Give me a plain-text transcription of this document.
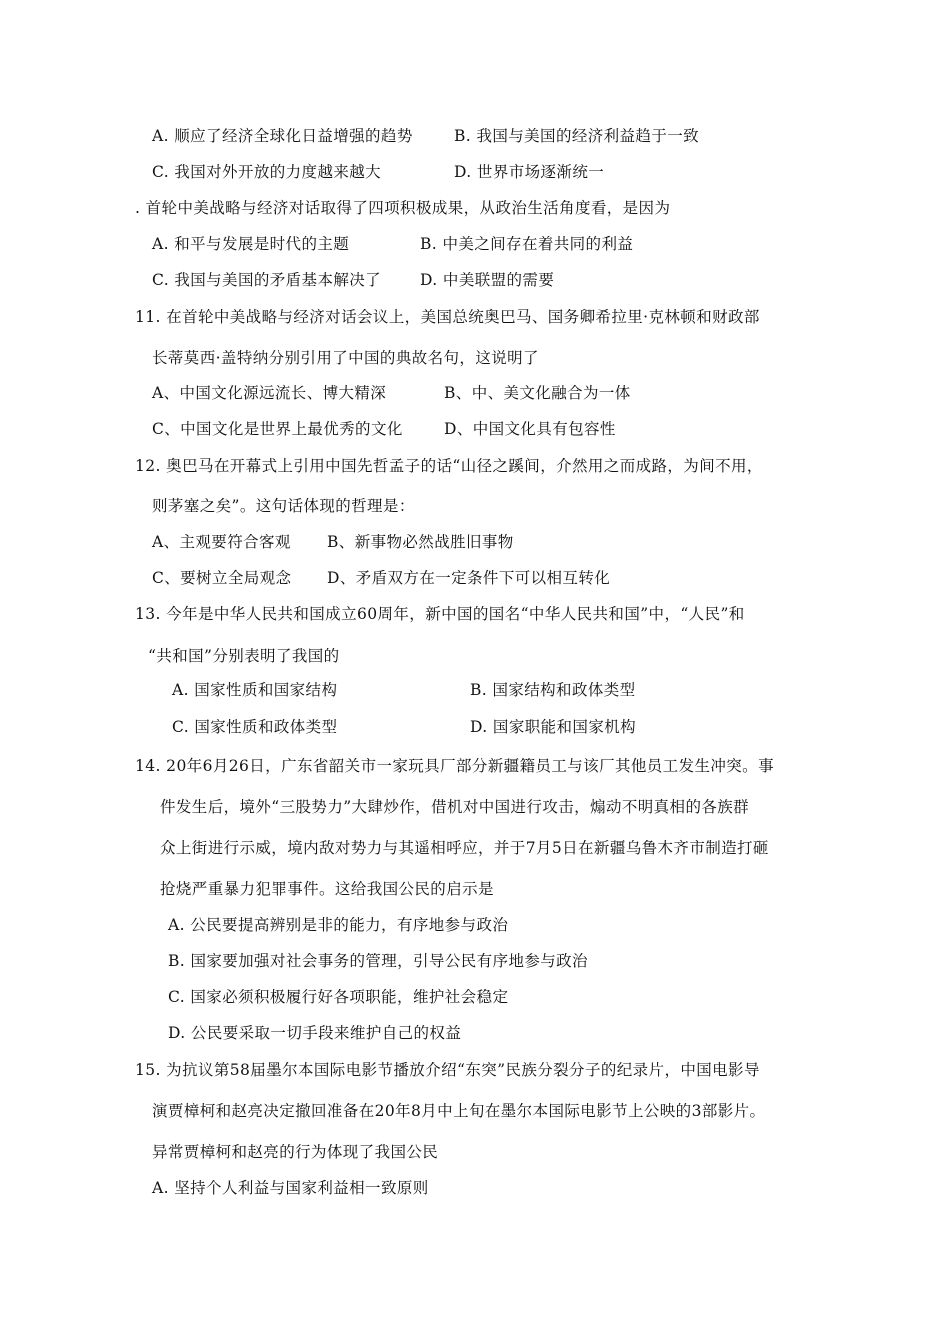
A. 顺应了经济全球化日益增强的趋势	B. 我国与美国的经济利益趋于一致
C. 我国对外开放的力度越来越大	D. 世界市场逐渐统一
. 首轮中美战略与经济对话取得了四项积极成果，从政治生活角度看，是因为
A. 和平与发展是时代的主题	B. 中美之间存在着共同的利益
C. 我国与美国的矛盾基本解决了	D. 中美联盟的需要
11. 在首轮中美战略与经济对话会议上，美国总统奥巴马、国务卿希拉里·克林顿和财政部
长蒂莫西·盖特纳分别引用了中国的典故名句，这说明了
A、中国文化源远流长、博大精深	B、中、美文化融合为一体
C、中国文化是世界上最优秀的文化	D、中国文化具有包容性
12. 奥巴马在开幕式上引用中国先哲孟子的话“山径之蹊间，介然用之而成路，为间不用，
则茅塞之矣”。这句话体现的哲理是：
A、主观要符合客观 B、新事物必然战胜旧事物
C、要树立全局观念 D、矛盾双方在一定条件下可以相互转化
13. 今年是中华人民共和国成立60周年，新中国的国名“中华人民共和国”中，“人民”和
“共和国”分别表明了我国的
A. 国家性质和国家结构	B. 国家结构和政体类型
C. 国家性质和政体类型	D. 国家职能和国家机构
14. 20年6月26日，广东省韶关市一家玩具厂部分新疆籍员工与该厂其他员工发生冲突。事
件发生后，境外“三股势力”大肆炒作，借机对中国进行攻击，煽动不明真相的各族群
众上街进行示威，境内敌对势力与其遥相呼应，并于7月5日在新疆乌鲁木齐市制造打砸
抢烧严重暴力犯罪事件。这给我国公民的启示是
A. 公民要提高辨别是非的能力，有序地参与政治
B. 国家要加强对社会事务的管理，引导公民有序地参与政治
C. 国家必须积极履行好各项职能，维护社会稳定
D. 公民要采取一切手段来维护自己的权益
15. 为抗议第58届墨尔本国际电影节播放介绍“东突”民族分裂分子的纪录片，中国电影导
演贾樟柯和赵亮决定撤回准备在20年8月中上旬在墨尔本国际电影节上公映的3部影片。
异常贾樟柯和赵亮的行为体现了我国公民
A. 坚持个人利益与国家利益相一致原则
